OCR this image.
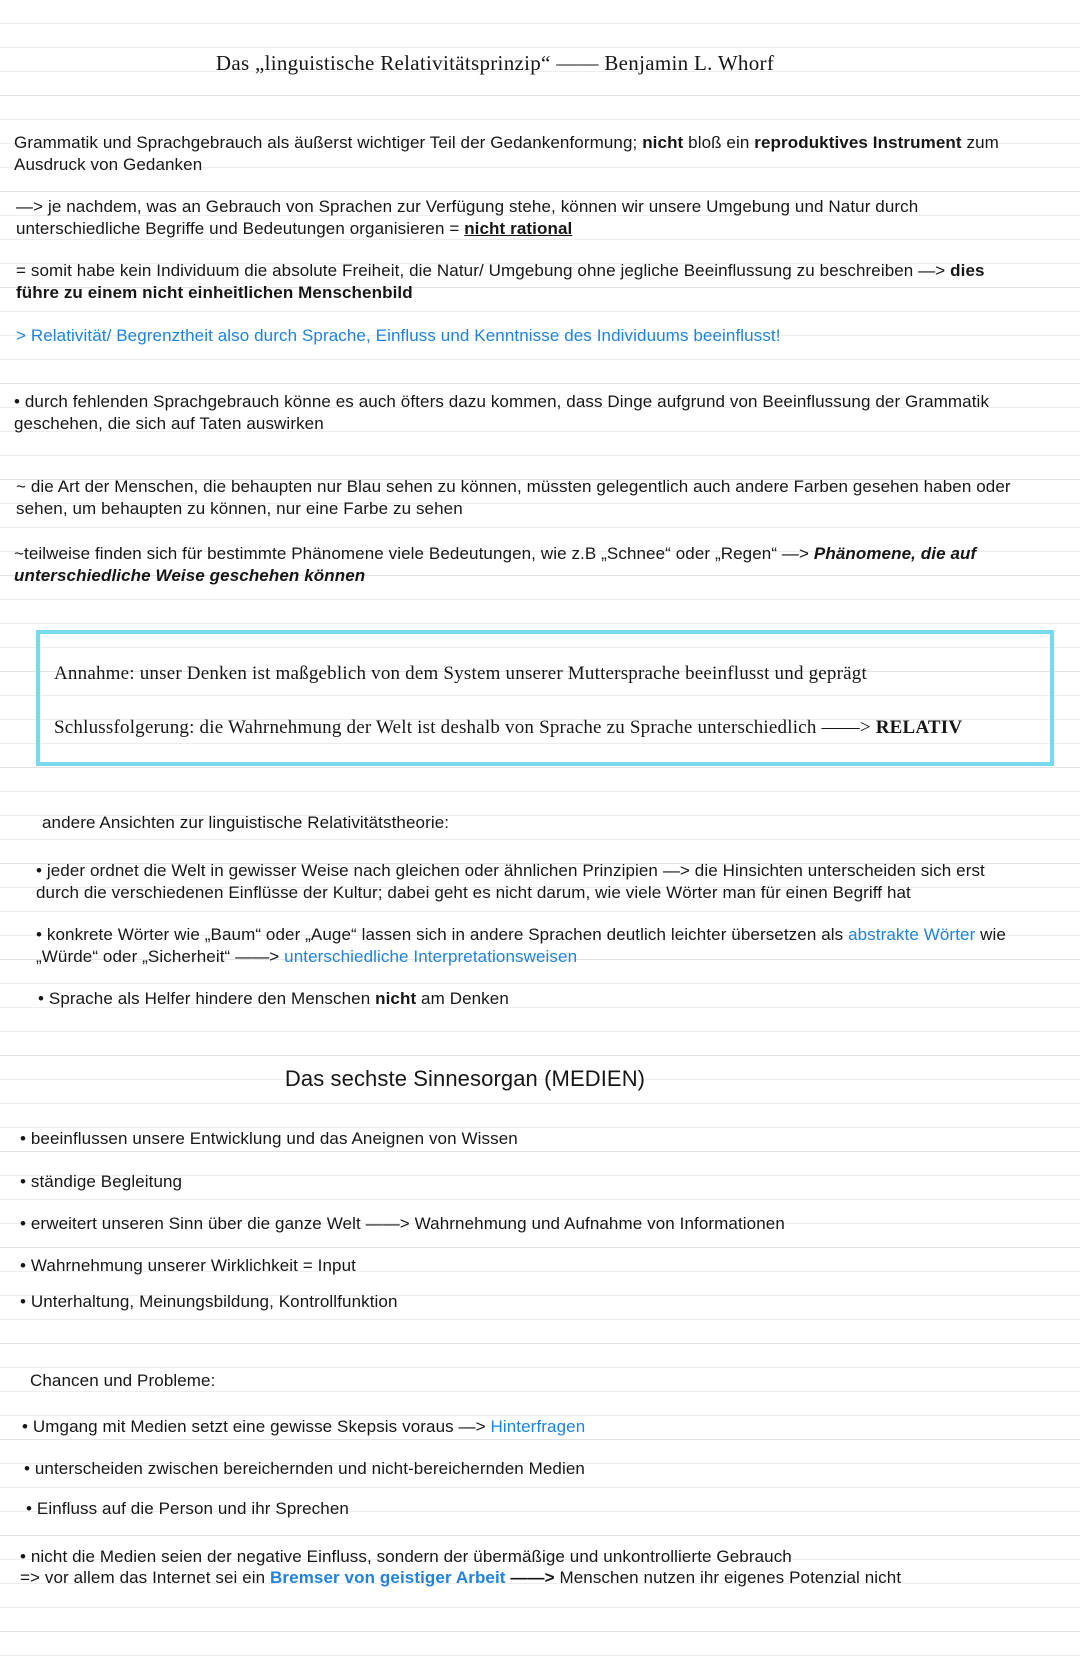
Das „linguistische Relativitätsprinzip“ —— Benjamin L. Whorf
Grammatik und Sprachgebrauch als äußerst wichtiger Teil der Gedankenformung; nicht bloß ein reproduktives Instrument zum
Ausdruck von Gedanken
—> je nachdem, was an Gebrauch von Sprachen zur Verfügung stehe, können wir unsere Umgebung und Natur durch
unterschiedliche Begriffe und Bedeutungen organisieren = nicht rational
= somit habe kein Individuum die absolute Freiheit, die Natur/ Umgebung ohne jegliche Beeinflussung zu beschreiben —> dies
führe zu einem nicht einheitlichen Menschenbild
> Relativität/ Begrenztheit also durch Sprache, Einfluss und Kenntnisse des Individuums beeinflusst!
• durch fehlenden Sprachgebrauch könne es auch öfters dazu kommen, dass Dinge aufgrund von Beeinflussung der Grammatik
geschehen, die sich auf Taten auswirken
~ die Art der Menschen, die behaupten nur Blau sehen zu können, müssten gelegentlich auch andere Farben gesehen haben oder
sehen, um behaupten zu können, nur eine Farbe zu sehen
~teilweise finden sich für bestimmte Phänomene viele Bedeutungen, wie z.B „Schnee“ oder „Regen“ —> Phänomene, die auf
unterschiedliche Weise geschehen können
Annahme: unser Denken ist maßgeblich von dem System unserer Muttersprache beeinflusst und geprägt
Schlussfolgerung: die Wahrnehmung der Welt ist deshalb von Sprache zu Sprache unterschiedlich ——> RELATIV
andere Ansichten zur linguistische Relativitätstheorie:
• jeder ordnet die Welt in gewisser Weise nach gleichen oder ähnlichen Prinzipien —> die Hinsichten unterscheiden sich erst
durch die verschiedenen Einflüsse der Kultur; dabei geht es nicht darum, wie viele Wörter man für einen Begriff hat
• konkrete Wörter wie „Baum“ oder „Auge“ lassen sich in andere Sprachen deutlich leichter übersetzen als abstrakte Wörter wie
„Würde“ oder „Sicherheit“ ——> unterschiedliche Interpretationsweisen
• Sprache als Helfer hindere den Menschen nicht am Denken
Das sechste Sinnesorgan (MEDIEN)
• beeinflussen unsere Entwicklung und das Aneignen von Wissen
• ständige Begleitung
• erweitert unseren Sinn über die ganze Welt ——> Wahrnehmung und Aufnahme von Informationen
• Wahrnehmung unserer Wirklichkeit = Input
• Unterhaltung, Meinungsbildung, Kontrollfunktion
Chancen und Probleme:
• Umgang mit Medien setzt eine gewisse Skepsis voraus —> Hinterfragen
• unterscheiden zwischen bereichernden und nicht-bereichernden Medien
• Einfluss auf die Person und ihr Sprechen
• nicht die Medien seien der negative Einfluss, sondern der übermäßige und unkontrollierte Gebrauch
=> vor allem das Internet sei ein Bremser von geistiger Arbeit ——> Menschen nutzen ihr eigenes Potenzial nicht
